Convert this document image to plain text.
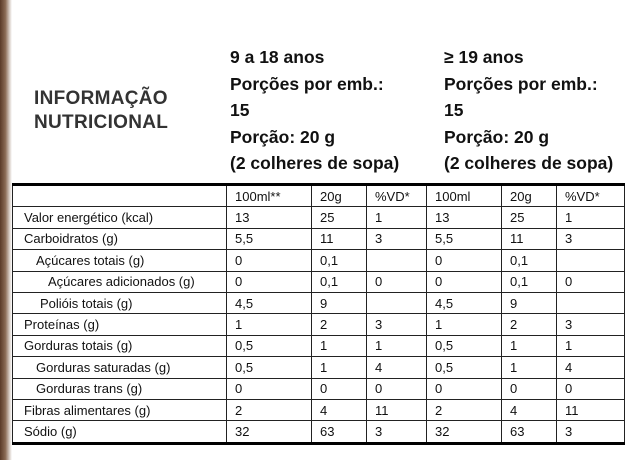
INFORMAÇÃO
NUTRICIONAL
9 a 18 anos
Porções por emb.:
15
Porção: 20 g
(2 colheres de sopa)
≥ 19 anos
Porções por emb.:
15
Porção: 20 g
(2 colheres de sopa)
	100ml**	20g	%VD*	100ml	20g	%VD*
Valor energético (kcal)	13	25	1	13	25	1
Carboidratos (g)	5,5	11	3	5,5	11	3
Açúcares totais (g)	0	0,1		0	0,1	
Açúcares adicionados (g)	0	0,1	0	0	0,1	0
Polióis totais (g)	4,5	9		4,5	9	
Proteínas (g)	1	2	3	1	2	3
Gorduras totais (g)	0,5	1	1	0,5	1	1
Gorduras saturadas (g)	0,5	1	4	0,5	1	4
Gorduras trans (g)	0	0	0	0	0	0
Fibras alimentares (g)	2	4	11	2	4	11
Sódio (g)	32	63	3	32	63	3
